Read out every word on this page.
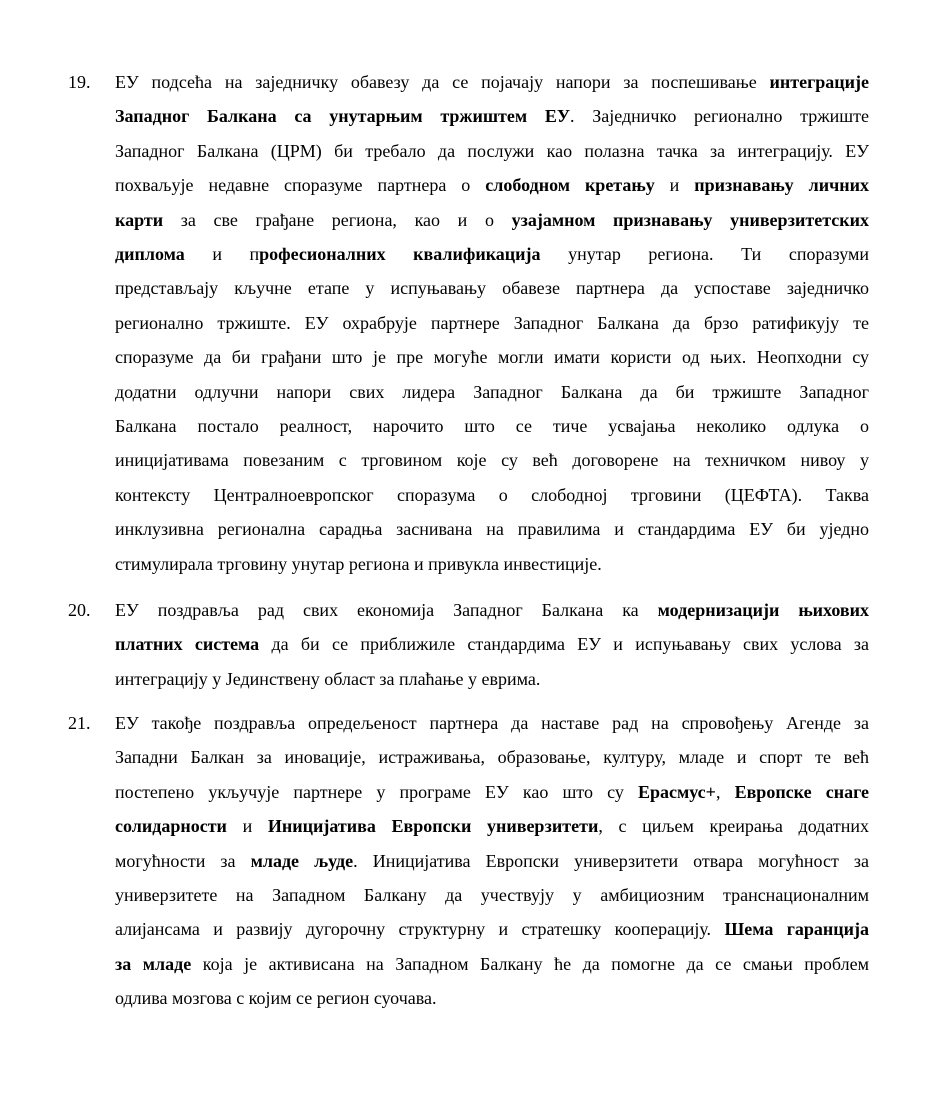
19. ЕУ подсећа на заједничку обавезу да се појачају напори за поспешивање интеграције
Западног Балкана са унутарњим тржиштем ЕУ. Заједничко регионално тржиште
Западног Балкана (ЦРМ) би требало да послужи као полазна тачка за интеграцију. ЕУ
похваљује недавне споразуме партнера о слободном кретању и признавању личних
карти за све грађане региона, као и о узајамном признавању универзитетских
диплома и професионалних квалификација унутар региона. Ти споразуми
представљају кључне етапе у испуњавању обавезе партнера да успоставе заједничко
регионално тржиште. ЕУ охрабрује партнере Западног Балкана да брзо ратификују те
споразуме да би грађани што је пре могуће могли имати користи од њих. Неопходни су
додатни одлучни напори свих лидера Западног Балкана да би тржиште Западног
Балкана постало реалност, нарочито што се тиче усвајања неколико одлука о
иницијативама повезаним с трговином које су већ договорене на техничком нивоу у
контексту Централноевропског споразума о слободној трговини (ЦЕФТА). Таква
инклузивна регионална сарадња заснивана на правилима и стандардима ЕУ би уједно
стимулирала трговину унутар региона и привукла инвестиције.
20. ЕУ поздравља рад свих економија Западног Балкана ка модернизацији њихових
платних система да би се приближиле стандардима ЕУ и испуњавању свих услова за
интеграцију у Јединствену област за плаћање у еврима.
21. ЕУ такође поздравља опредељеност партнера да наставе рад на спровођењу Агенде за
Западни Балкан за иновације, истраживања, образовање, културу, младе и спорт те већ
постепено укључује партнере у програме ЕУ као што су Ерасмус+, Европске снаге
солидарности и Иницијатива Европски универзитети, с циљем креирања додатних
могућности за младе људе. Иницијатива Европски универзитети отвара могућност за
универзитете на Западном Балкану да учествују у амбициозним транснационалним
алијансама и развију дугорочну структурну и стратешку кооперацију. Шема гаранција
за младе која је активисана на Западном Балкану ће да помогне да се смањи проблем
одлива мозгова с којим се регион суочава.
